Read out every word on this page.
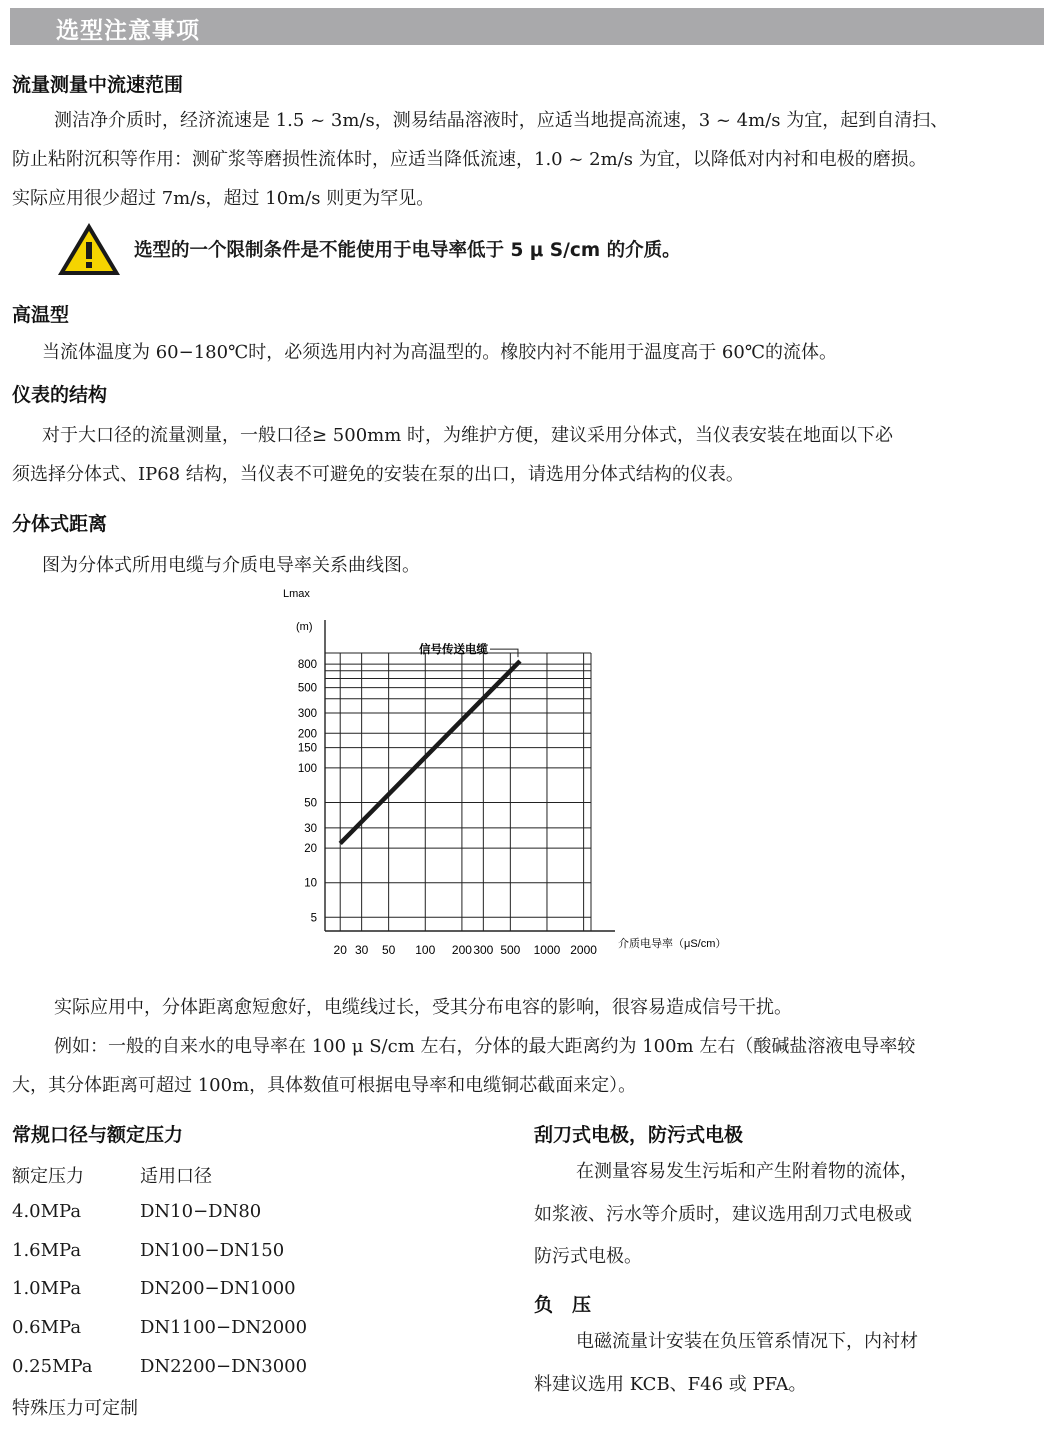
选型注意事项
流量测量中流速范围
测洁净介质时，经济流速是 1.5 ~ 3m/s，测易结晶溶液时，应适当地提高流速，3 ~ 4m/s 为宜，起到自清扫、
防止粘附沉积等作用：测矿浆等磨损性流体时，应适当降低流速，1.0 ~ 2m/s 为宜，以降低对内衬和电极的磨损。
实际应用很少超过 7m/s，超过 10m/s 则更为罕见。
选型的一个限制条件是不能使用于电导率低于 5 μ S/cm 的介质。
高温型
当流体温度为 60−180℃时，必须选用内衬为高温型的。橡胶内衬不能用于温度高于 60℃的流体。
仪表的结构
对于大口径的流量测量，一般口径≥ 500mm 时，为维护方便，建议采用分体式，当仪表安装在地面以下必
须选择分体式、IP68 结构，当仪表不可避免的安装在泵的出口，请选用分体式结构的仪表。
分体式距离
图为分体式所用电缆与介质电导率关系曲线图。
Lmax
(m)
介质电导率（μS/cm）
20 30 50 100 200 300 500 1000 2000
5
10
20
30
50
100
150
200
300
500
800
信号传送电缆
实际应用中，分体距离愈短愈好，电缆线过长，受其分布电容的影响，很容易造成信号干扰。
例如：一般的自来水的电导率在 100 μ S/cm 左右，分体的最大距离约为 100m 左右（酸碱盐溶液电导率较
大，其分体距离可超过 100m，具体数值可根据电导率和电缆铜芯截面来定）。
常规口径与额定压力
额定压力	适用口径
4.0MPa	DN10−DN80
1.6MPa	DN100−DN150
1.0MPa	DN200−DN1000
0.6MPa	DN1100−DN2000
0.25MPa	DN2200−DN3000
特殊压力可定制
刮刀式电极，防污式电极
在测量容易发生污垢和产生附着物的流体，
如浆液、污水等介质时，建议选用刮刀式电极或
防污式电极。
负　压
电磁流量计安装在负压管系情况下，内衬材
料建议选用 KCB、F46 或 PFA。
